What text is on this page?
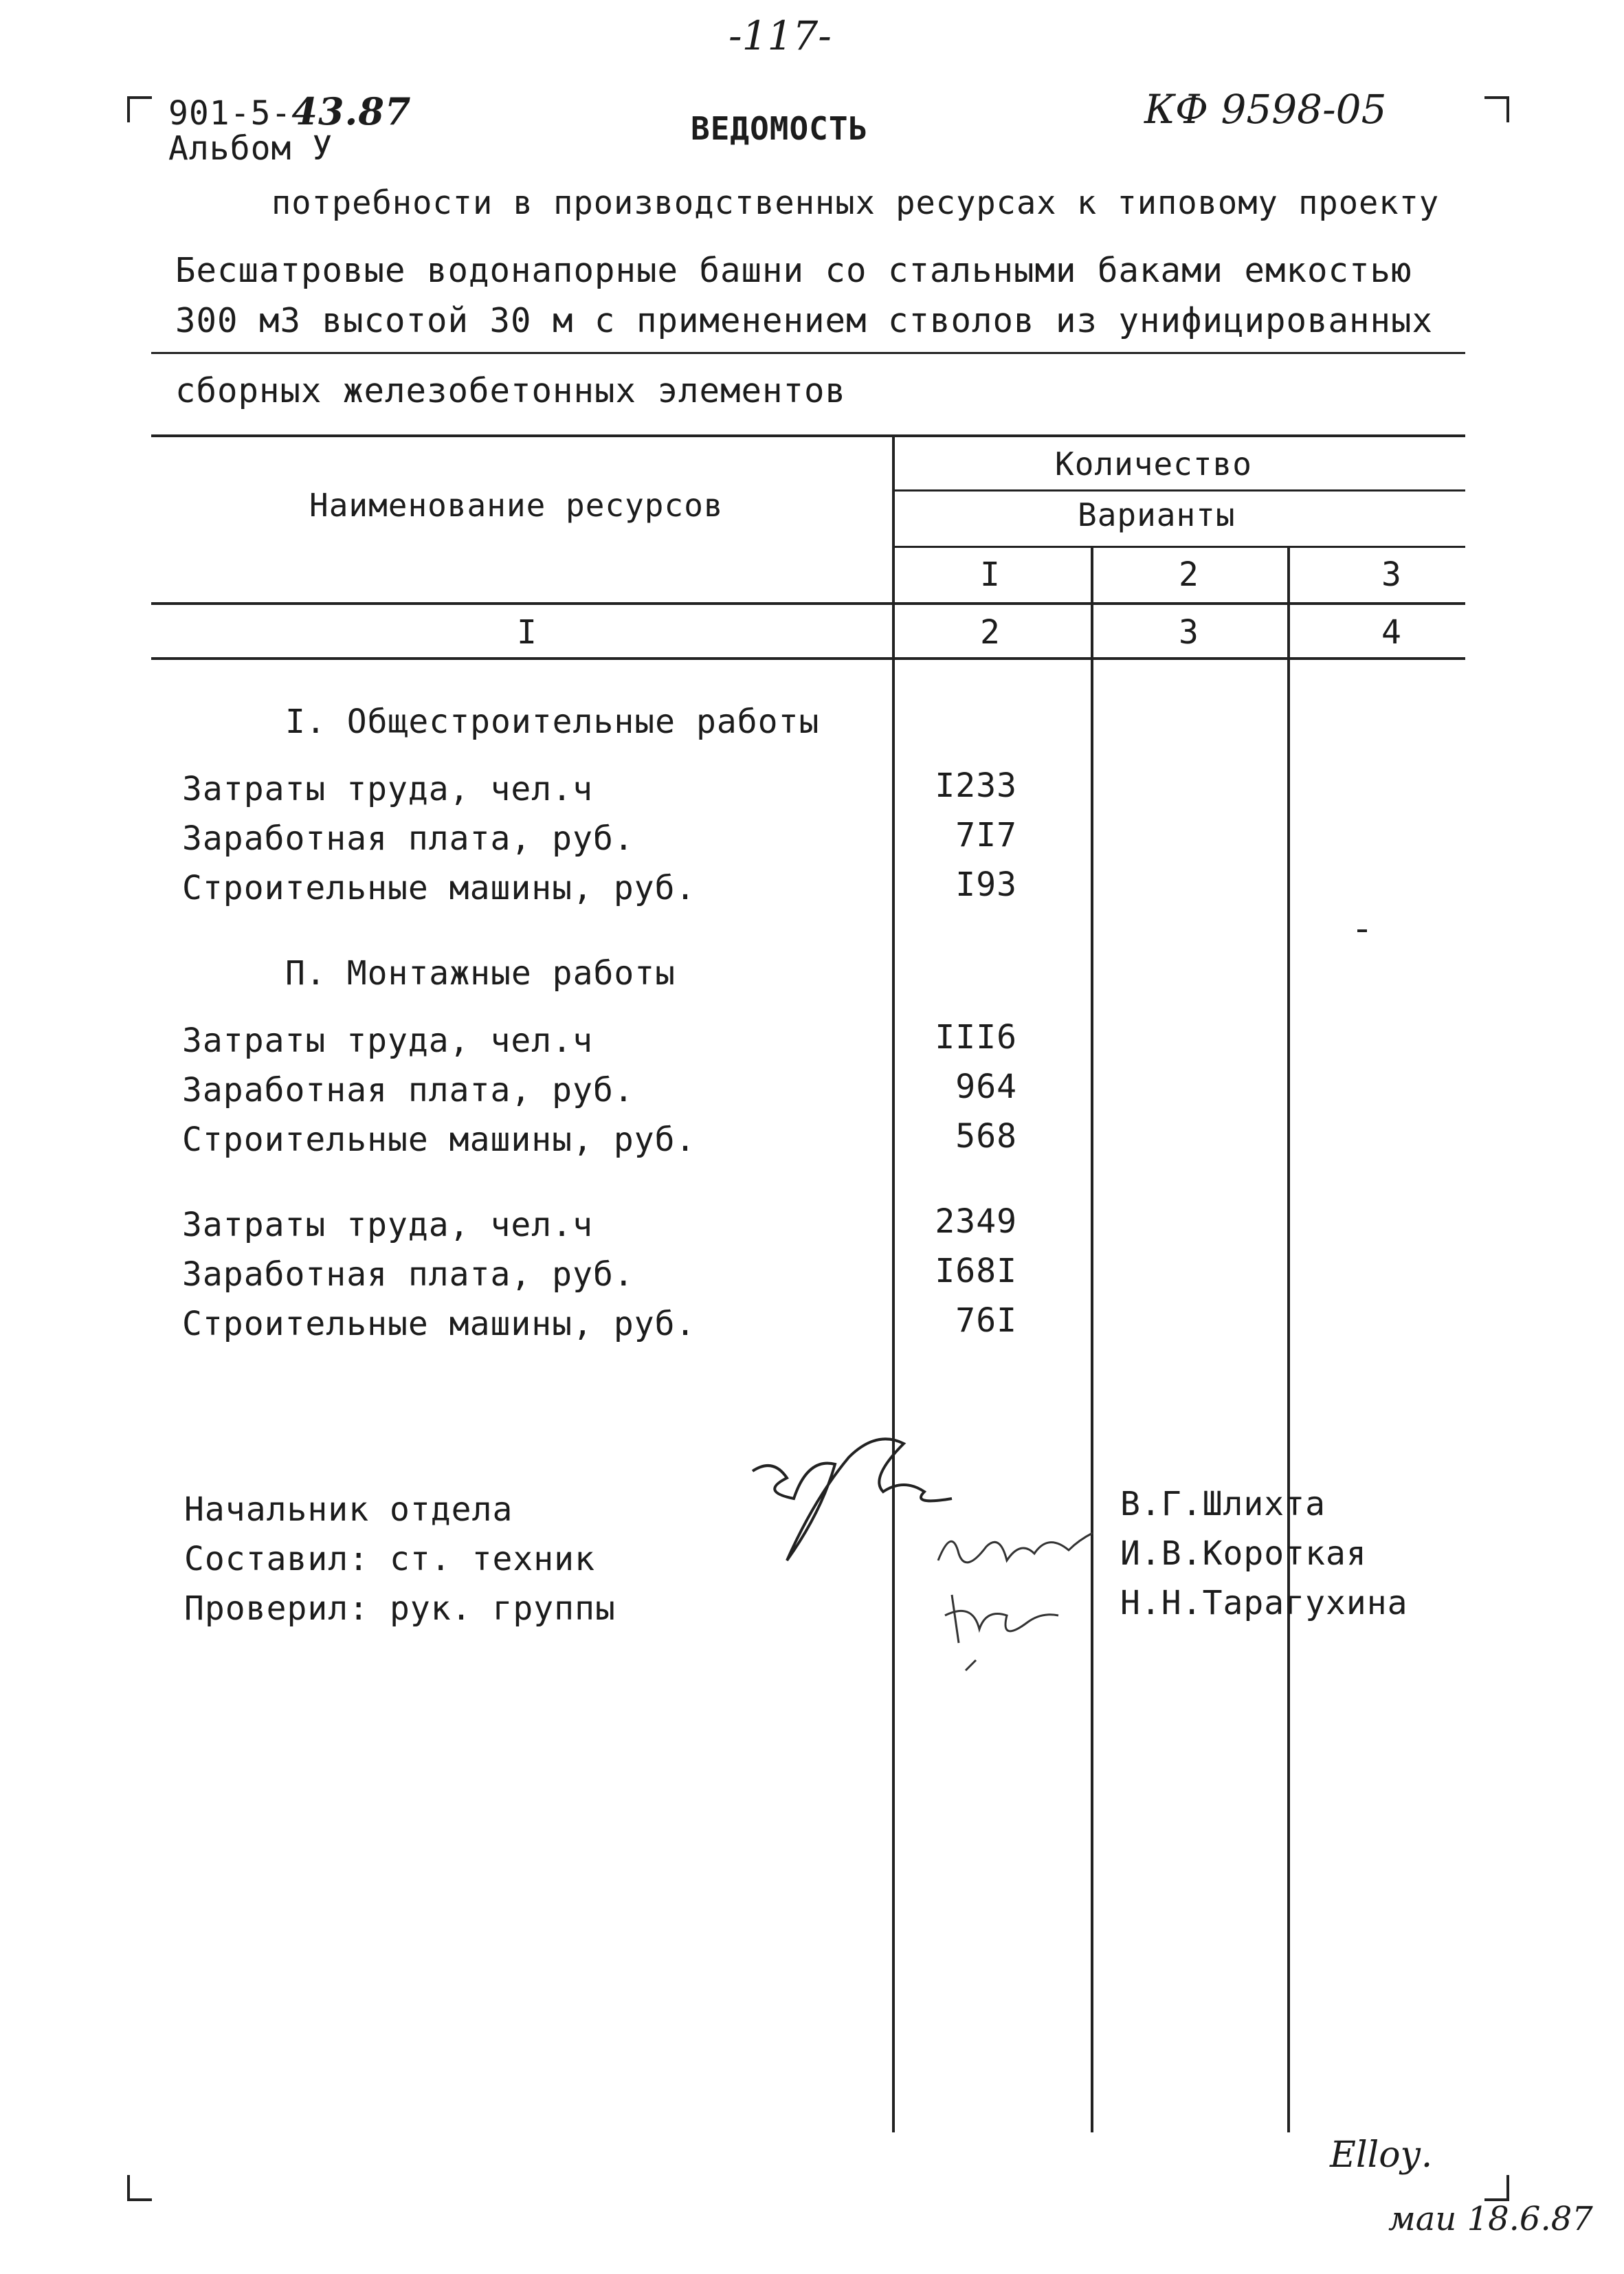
-117-
901-5-43.87
Альбом У
ВЕДОМОСТЬ	КФ 9598-05
потребности в производственных ресурсах к типовому проекту
Бесшатровые водонапорные башни со стальными баками емкостью
300 м3 высотой 30 м с применением стволов из унифицированных
сборных железобетонных элементов
Наименование ресурсов
Количество
Варианты
I	2	3
I	2	3	4
I. Общестроительные работы
Затраты труда, чел.ч	I233
Заработная плата, руб.	7I7
Строительные машины, руб.	I93
П. Монтажные работы
Затраты труда, чел.ч	III6
Заработная плата, руб.	964
Строительные машины, руб.	568
Затраты труда, чел.ч	2349
Заработная плата, руб.	I68I
Строительные машины, руб.	76I
Начальник отдела
Составил: ст. техник
Проверил: рук. группы
В.Г.Шлихта
И.В.Короткая
Н.Н.Тарагухина
Ellоу.
маи 18.6.87
